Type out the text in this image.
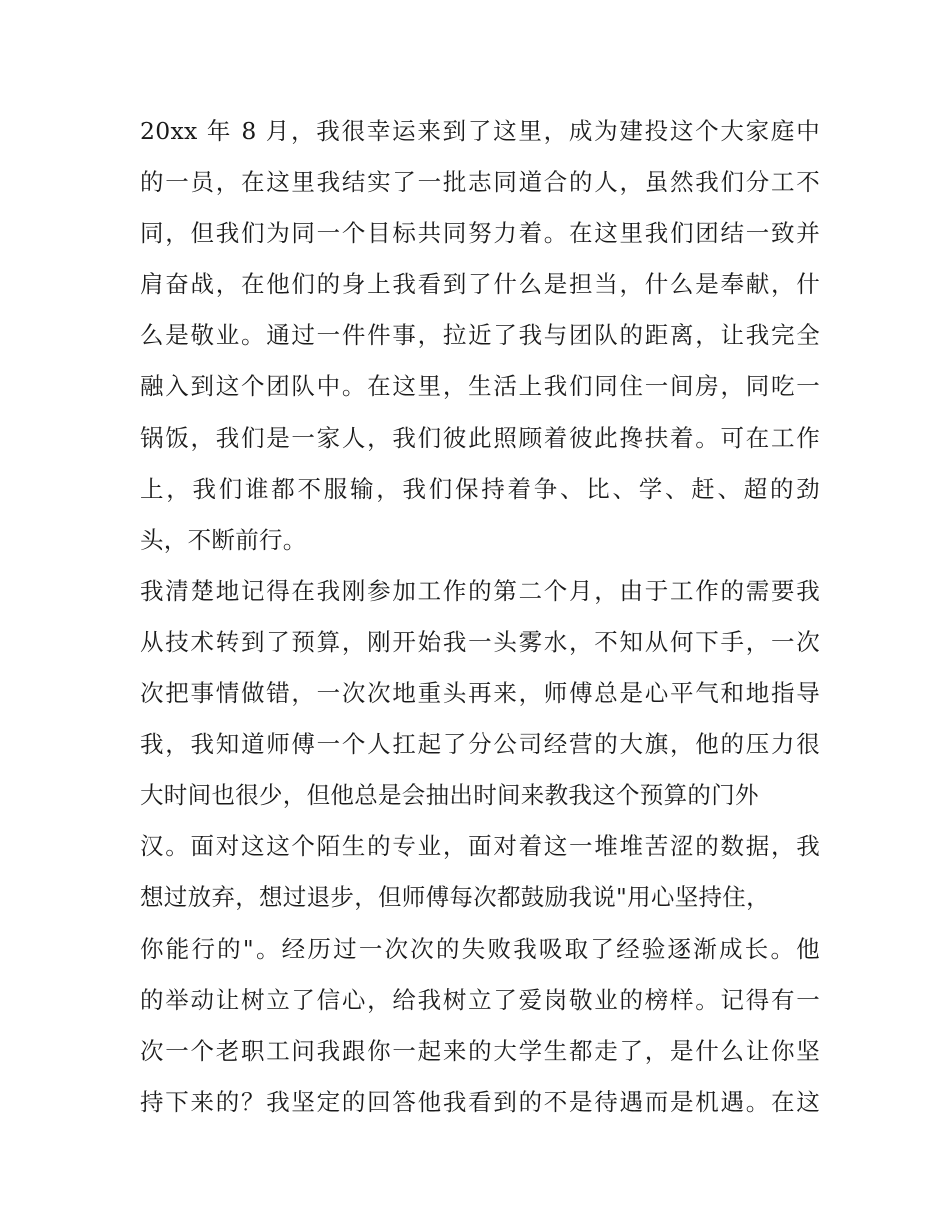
20xx 年 8 月，我很幸运来到了这里，成为建投这个大家庭中
的一员，在这里我结实了一批志同道合的人，虽然我们分工不
同，但我们为同一个目标共同努力着。在这里我们团结一致并
肩奋战，在他们的身上我看到了什么是担当，什么是奉献，什
么是敬业。通过一件件事，拉近了我与团队的距离，让我完全
融入到这个团队中。在这里，生活上我们同住一间房，同吃一
锅饭，我们是一家人，我们彼此照顾着彼此搀扶着。可在工作
上，我们谁都不服输，我们保持着争、比、学、赶、超的劲
头，不断前行。
我清楚地记得在我刚参加工作的第二个月，由于工作的需要我
从技术转到了预算，刚开始我一头雾水，不知从何下手，一次
次把事情做错，一次次地重头再来，师傅总是心平气和地指导
我，我知道师傅一个人扛起了分公司经营的大旗，他的压力很
大时间也很少，但他总是会抽出时间来教我这个预算的门外
汉。面对这这个陌生的专业，面对着这一堆堆苦涩的数据，我
想过放弃，想过退步，但师傅每次都鼓励我说"用心坚持住，
你能行的"。经历过一次次的失败我吸取了经验逐渐成长。他
的举动让树立了信心，给我树立了爱岗敬业的榜样。记得有一
次一个老职工问我跟你一起来的大学生都走了，是什么让你坚
持下来的？我坚定的回答他我看到的不是待遇而是机遇。在这
